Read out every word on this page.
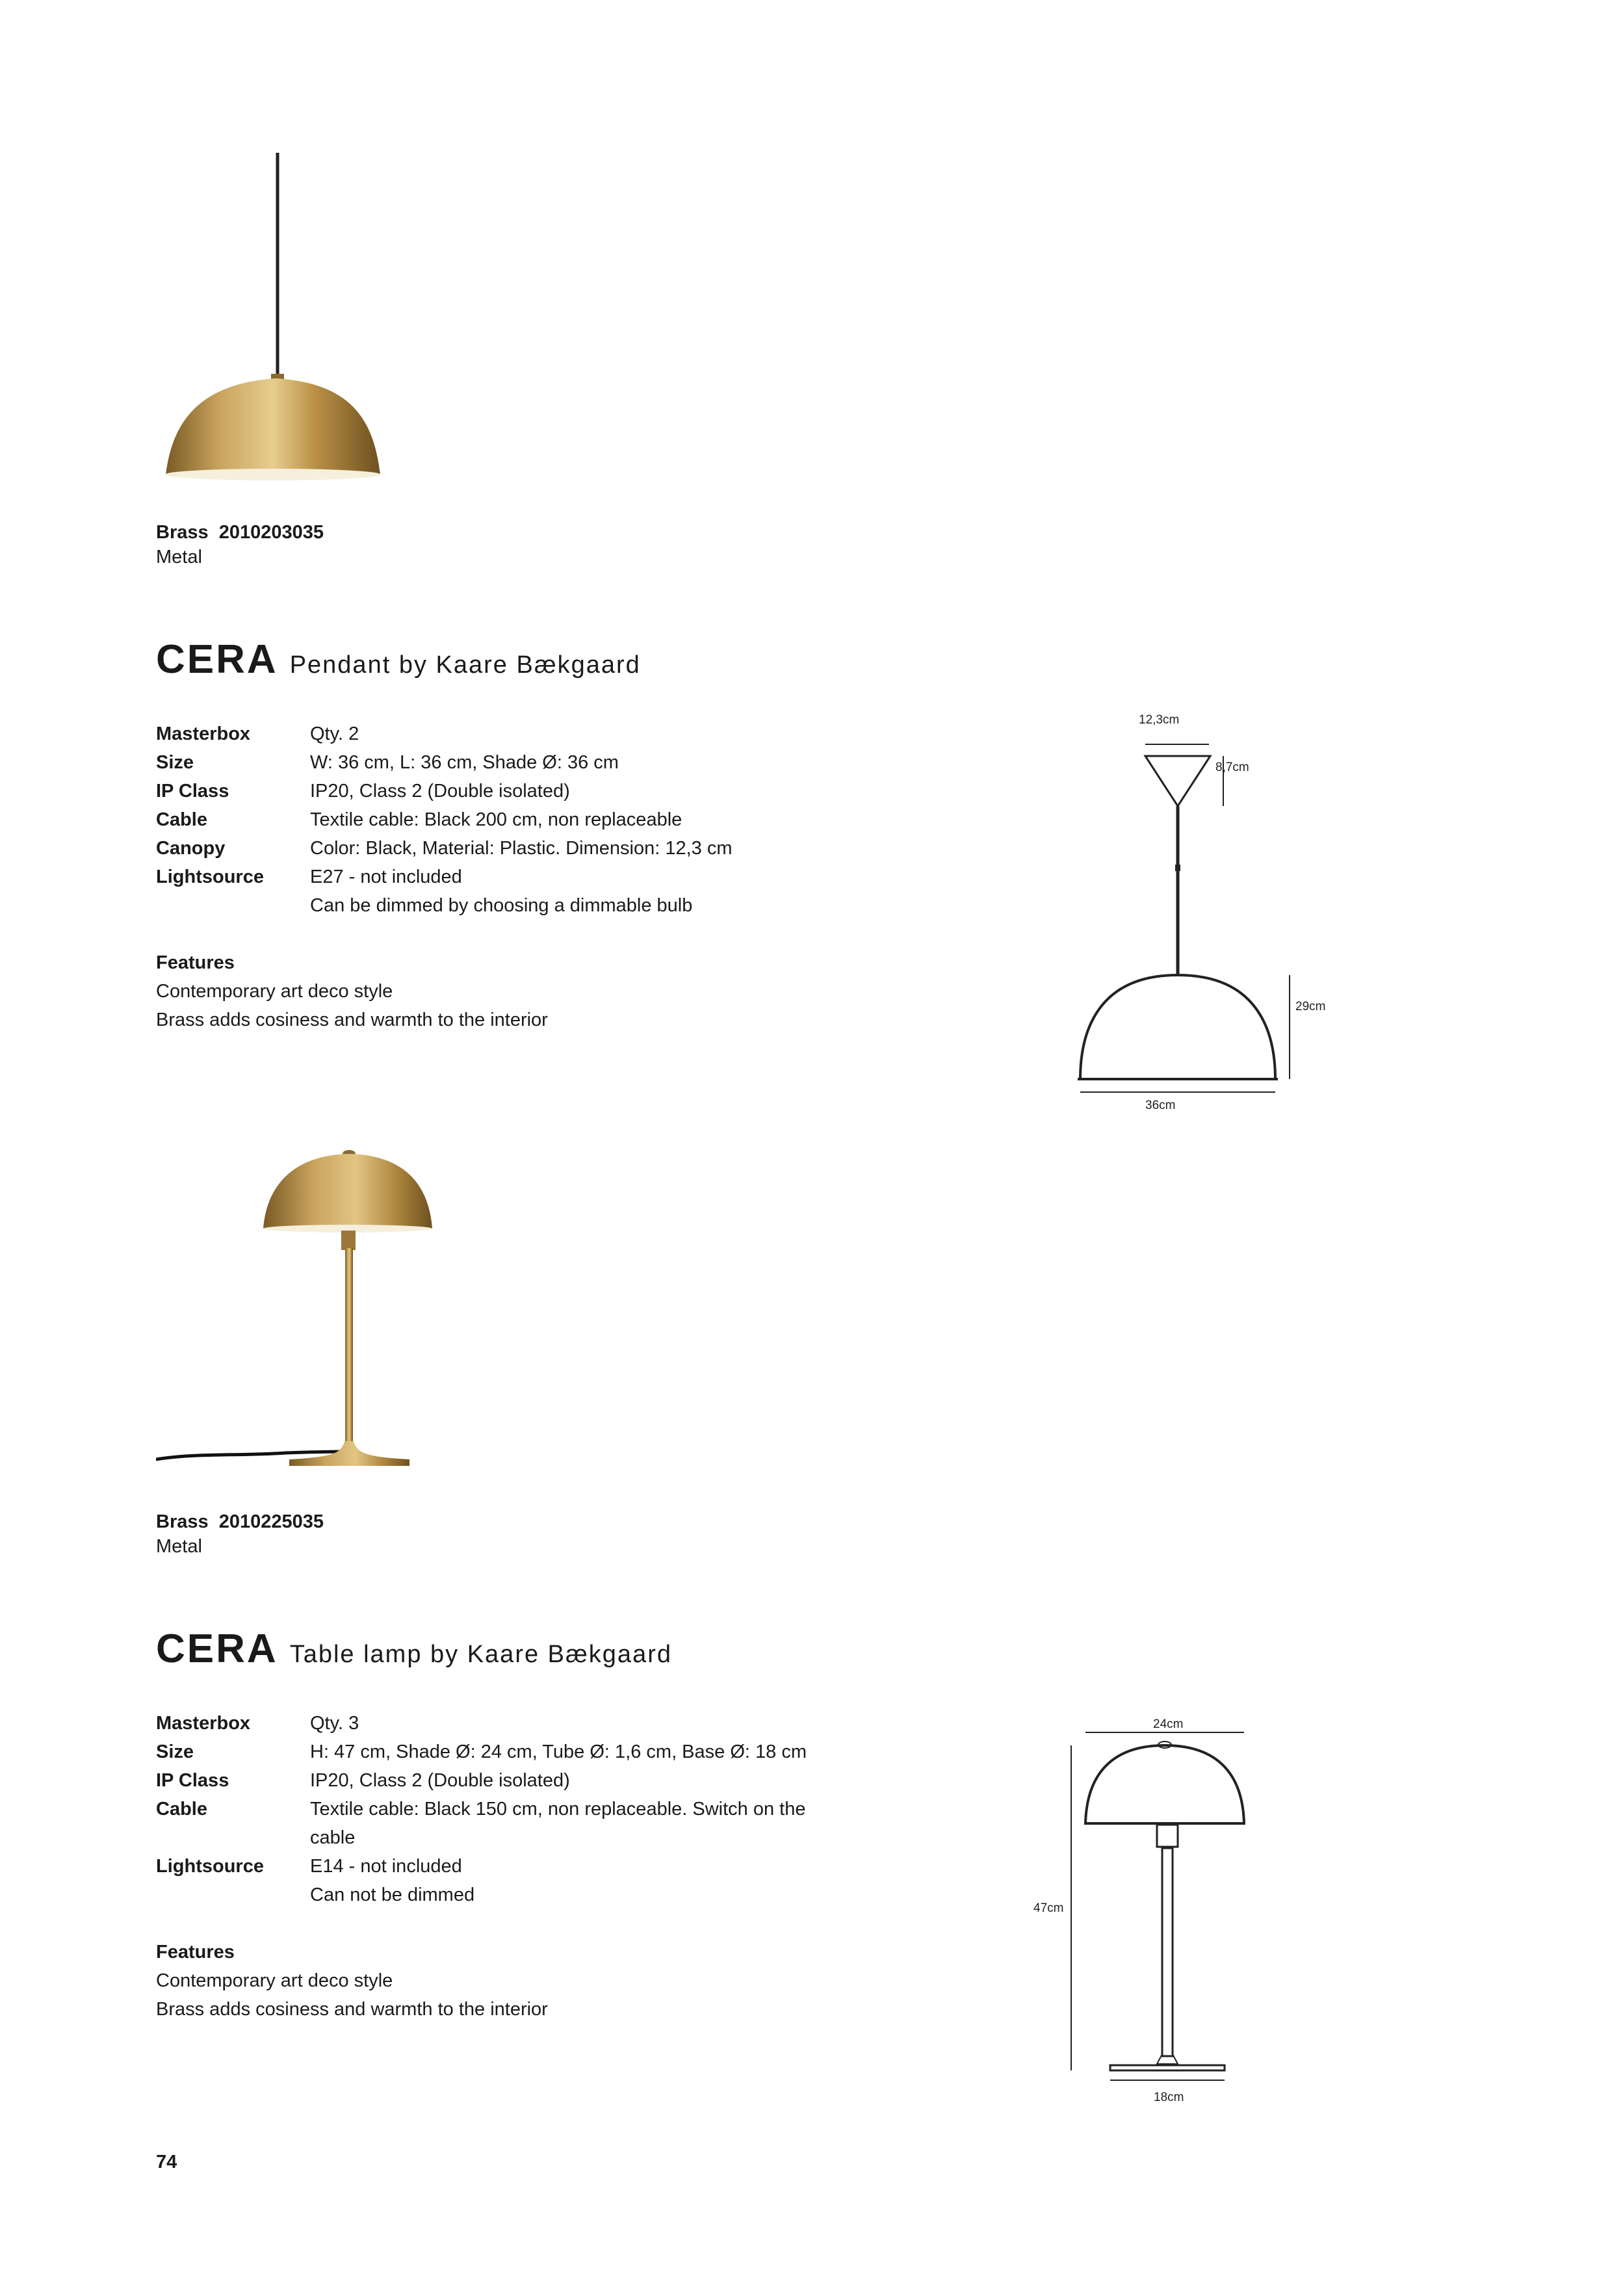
Brass 2010203035
Metal
CERA Pendant by Kaare Bækgaard
Masterbox	Qty. 2
Size	W: 36 cm, L: 36 cm, Shade Ø: 36 cm
IP Class	IP20, Class 2 (Double isolated)
Cable	Textile cable: Black 200 cm, non replaceable
Canopy	Color: Black, Material: Plastic. Dimension: 12,3 cm
Lightsource E27 - not included
Can be dimmed by choosing a dimmable bulb
Features
Contemporary art deco style
Brass adds cosiness and warmth to the interior
12,3cm
8,7cm
29cm
36cm
Brass 2010225035
Metal
CERA Table lamp by Kaare Bækgaard
Masterbox	Qty. 3
Size	H: 47 cm, Shade Ø: 24 cm, Tube Ø: 1,6 cm, Base Ø: 18 cm
IP Class	IP20, Class 2 (Double isolated)
Cable	Textile cable: Black 150 cm, non replaceable. Switch on the cable
Lightsource E14 - not included
Can not be dimmed
Features
Contemporary art deco style
Brass adds cosiness and warmth to the interior
24cm
47cm
18cm
74
